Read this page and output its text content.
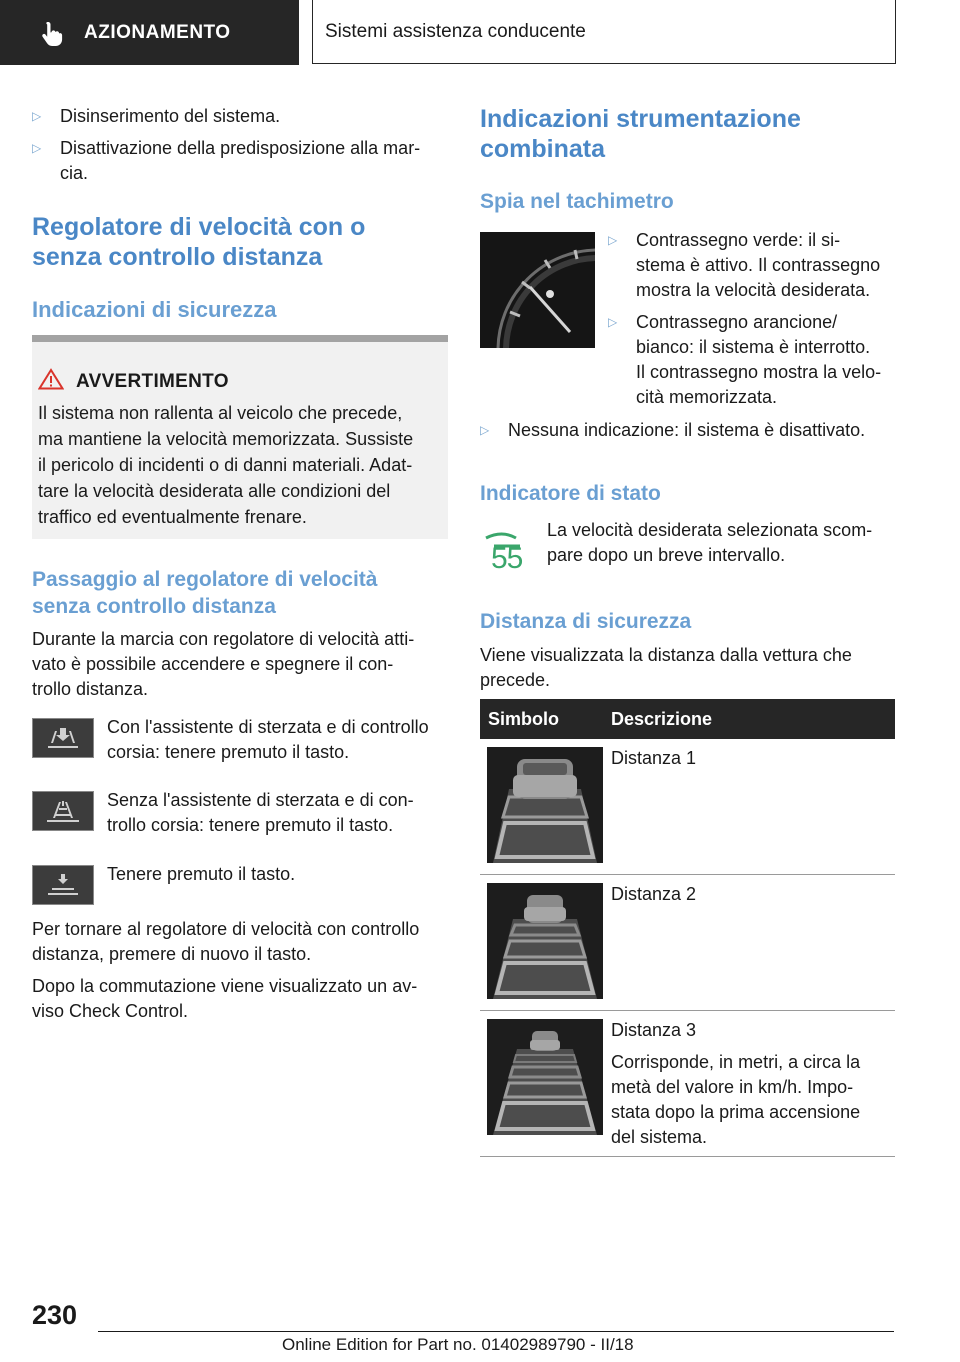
AZIONAMENTO	Sistemi assistenza conducente
▷	Disinserimento del sistema.
▷	Disattivazione della predisposizione alla mar-
cia.
Regolatore di velocità con o
senza controllo distanza
Indicazioni di sicurezza
AVVERTIMENTO
Il sistema non rallenta al veicolo che precede,
ma mantiene la velocità memorizzata. Sussiste
il pericolo di incidenti o di danni materiali. Adat-
tare la velocità desiderata alle condizioni del
traffico ed eventualmente frenare.
Passaggio al regolatore di velocità
senza controllo distanza
Durante la marcia con regolatore di velocità atti-
vato è possibile accendere e spegnere il con-
trollo distanza.
Con l'assistente di sterzata e di controllo
corsia: tenere premuto il tasto.
Senza l'assistente di sterzata e di con-
trollo corsia: tenere premuto il tasto.
Tenere premuto il tasto.
Per tornare al regolatore di velocità con controllo
distanza, premere di nuovo il tasto.
Dopo la commutazione viene visualizzato un av-
viso Check Control.
Indicazioni strumentazione
combinata
Spia nel tachimetro
▷	Contrassegno verde: il si-
stema è attivo. Il contrassegno
mostra la velocità desiderata.
▷	Contrassegno arancione/
bianco: il sistema è interrotto.
Il contrassegno mostra la velo-
cità memorizzata.
▷	Nessuna indicazione: il sistema è disattivato.
Indicatore di stato
55
La velocità desiderata selezionata scom-
pare dopo un breve intervallo.
Distanza di sicurezza
Viene visualizzata la distanza dalla vettura che
precede.
Simbolo	Descrizione
Distanza 1
Distanza 2
Distanza 3
Corrisponde, in metri, a circa la
metà del valore in km/h. Impo-
stata dopo la prima accensione
del sistema.
230
Online Edition for Part no. 01402989790 - II/18
